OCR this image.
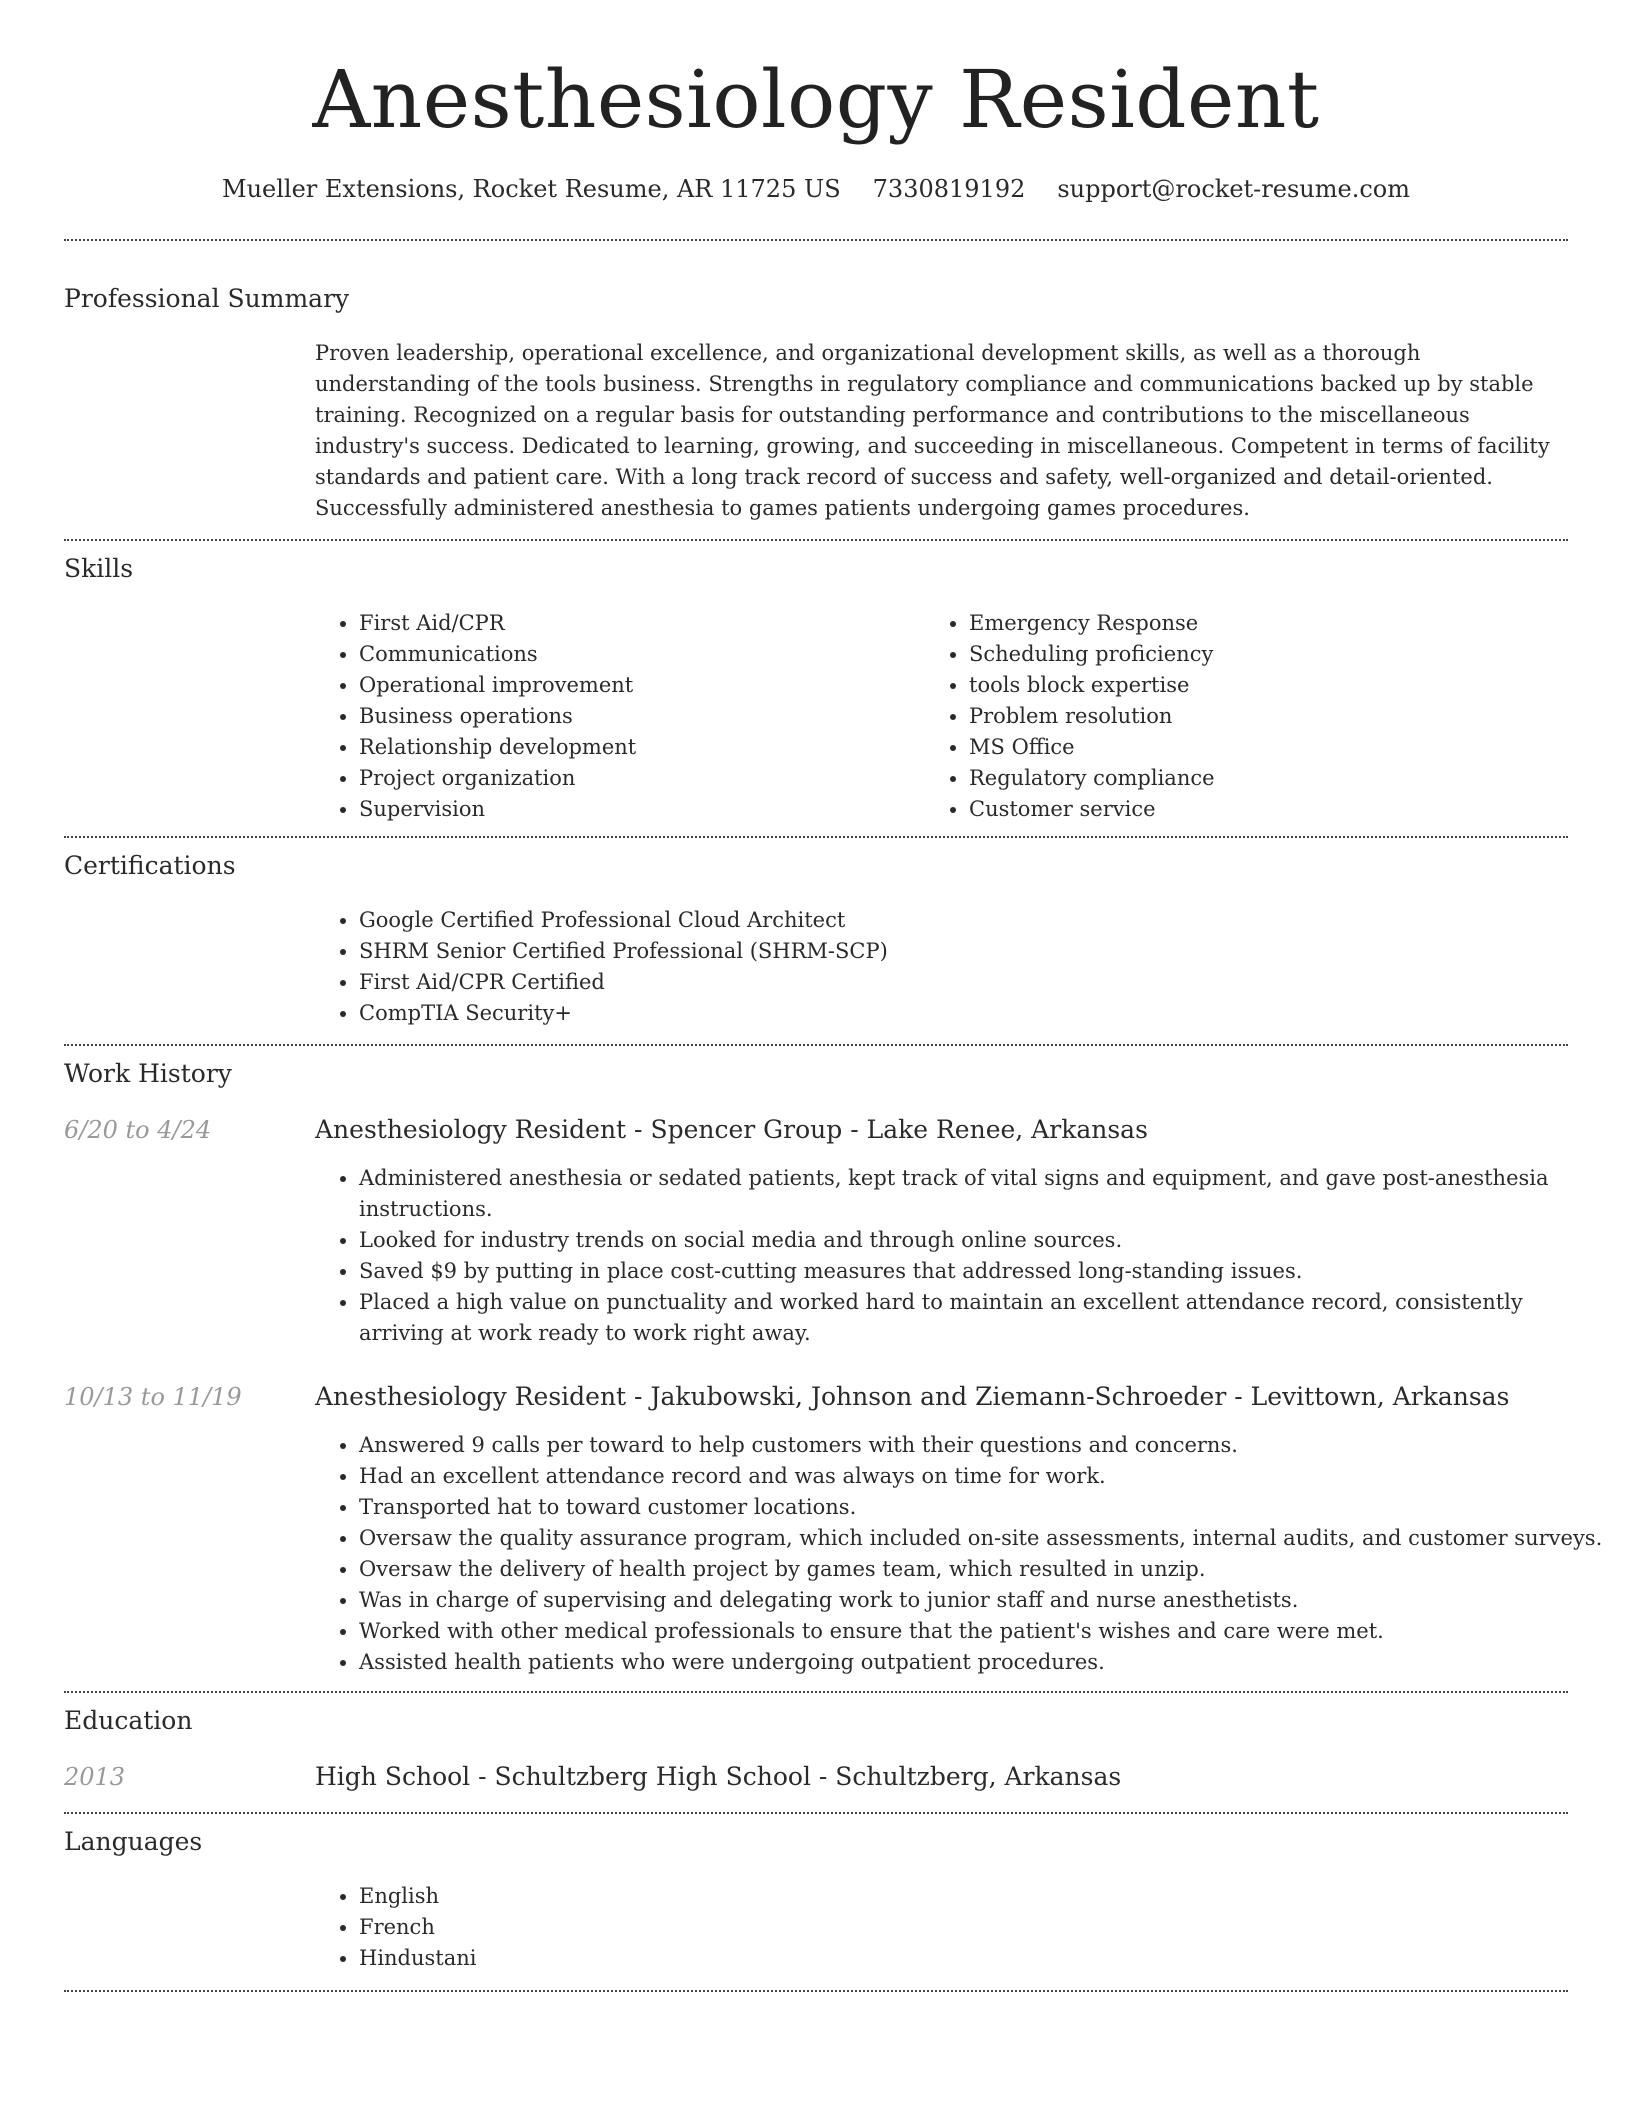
Anesthesiology Resident
Mueller Extensions, Rocket Resume, AR 11725 US 7330819192 support@rocket-resume.com
Professional Summary

Proven leadership, operational excellence, and organizational development skills, as well as a thorough understanding of the tools business. Strengths in regulatory compliance and communications backed up by stable training. Recognized on a regular basis for outstanding performance and contributions to the miscellaneous industry's success. Dedicated to learning, growing, and succeeding in miscellaneous. Competent in terms of facility standards and patient care. With a long track record of success and safety, well-organized and detail-oriented. Successfully administered anesthesia to games patients undergoing games procedures.

Skills
• First Aid/CPR
• Communications
• Operational improvement
• Business operations
• Relationship development
• Project organization
• Supervision
• Emergency Response
• Scheduling proficiency
• tools block expertise
• Problem resolution
• MS Office
• Regulatory compliance
• Customer service
Certifications
• Google Certified Professional Cloud Architect
• SHRM Senior Certified Professional (SHRM-SCP)
• First Aid/CPR Certified
• CompTIA Security+
Work History
6/20 to 4/24	Anesthesiology Resident - Spencer Group - Lake Renee, Arkansas
• Administered anesthesia or sedated patients, kept track of vital signs and equipment, and gave post-anesthesia instructions.
• Looked for industry trends on social media and through online sources.
• Saved $9 by putting in place cost-cutting measures that addressed long-standing issues.
• Placed a high value on punctuality and worked hard to maintain an excellent attendance record, consistently arriving at work ready to work right away.
10/13 to 11/19	Anesthesiology Resident - Jakubowski, Johnson and Ziemann-Schroeder - Levittown, Arkansas
• Answered 9 calls per toward to help customers with their questions and concerns.
• Had an excellent attendance record and was always on time for work.
• Transported hat to toward customer locations.
• Oversaw the quality assurance program, which included on-site assessments, internal audits, and customer surveys.
• Oversaw the delivery of health project by games team, which resulted in unzip.
• Was in charge of supervising and delegating work to junior staff and nurse anesthetists.
• Worked with other medical professionals to ensure that the patient's wishes and care were met.
• Assisted health patients who were undergoing outpatient procedures.
Education
2013	High School - Schultzberg High School - Schultzberg, Arkansas
Languages
• English
• French
• Hindustani
